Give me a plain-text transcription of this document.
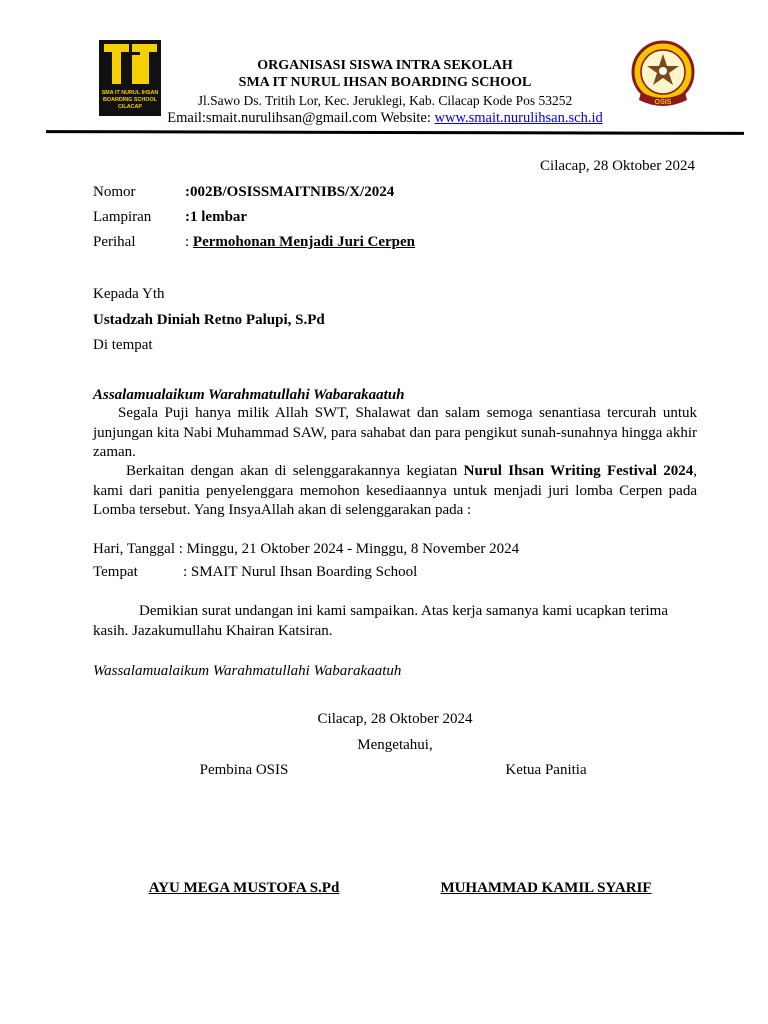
SMA IT NURUL IHSAN
BOARDING SCHOOL
CILACAP
OSIS
ORGANISASI SISWA INTRA SEKOLAH
SMA IT NURUL IHSAN BOARDING SCHOOL
Jl.Sawo Ds. Tritih Lor, Kec. Jeruklegi, Kab. Cilacap Kode Pos 53252
Email:smait.nurulihsan@gmail.com Website: www.smait.nurulihsan.sch.id
Cilacap, 28 Oktober 2024
Nomor	:002B/OSISSMAITNIBS/X/2024
Lampiran :1 lembar
Perihal	: Permohonan Menjadi Juri Cerpen
Kepada Yth
Ustadzah Diniah Retno Palupi, S.Pd
Di tempat
Assalamualaikum Warahmatullahi Wabarakaatuh
Segala Puji hanya milik Allah SWT, Shalawat dan salam semoga senantiasa tercurah untuk junjungan kita Nabi Muhammad SAW, para sahabat dan para pengikut sunah-sunahnya hingga akhir zaman.
Berkaitan dengan akan di selenggarakannya kegiatan Nurul Ihsan Writing Festival 2024, kami dari panitia penyelenggara memohon kesediaannya untuk menjadi juri lomba Cerpen pada Lomba tersebut. Yang InsyaAllah akan di selenggarakan pada :
Hari, Tanggal : Minggu, 21 Oktober 2024 - Minggu, 8 November 2024
Tempat	: SMAIT Nurul Ihsan Boarding School
Demikian surat undangan ini kami sampaikan. Atas kerja samanya kami ucapkan terima kasih. Jazakumullahu Khairan Katsiran.
Wassalamualaikum Warahmatullahi Wabarakaatuh
Cilacap, 28 Oktober 2024
Mengetahui,
Pembina OSIS	Ketua Panitia
AYU MEGA MUSTOFA S.Pd	MUHAMMAD KAMIL SYARIF
